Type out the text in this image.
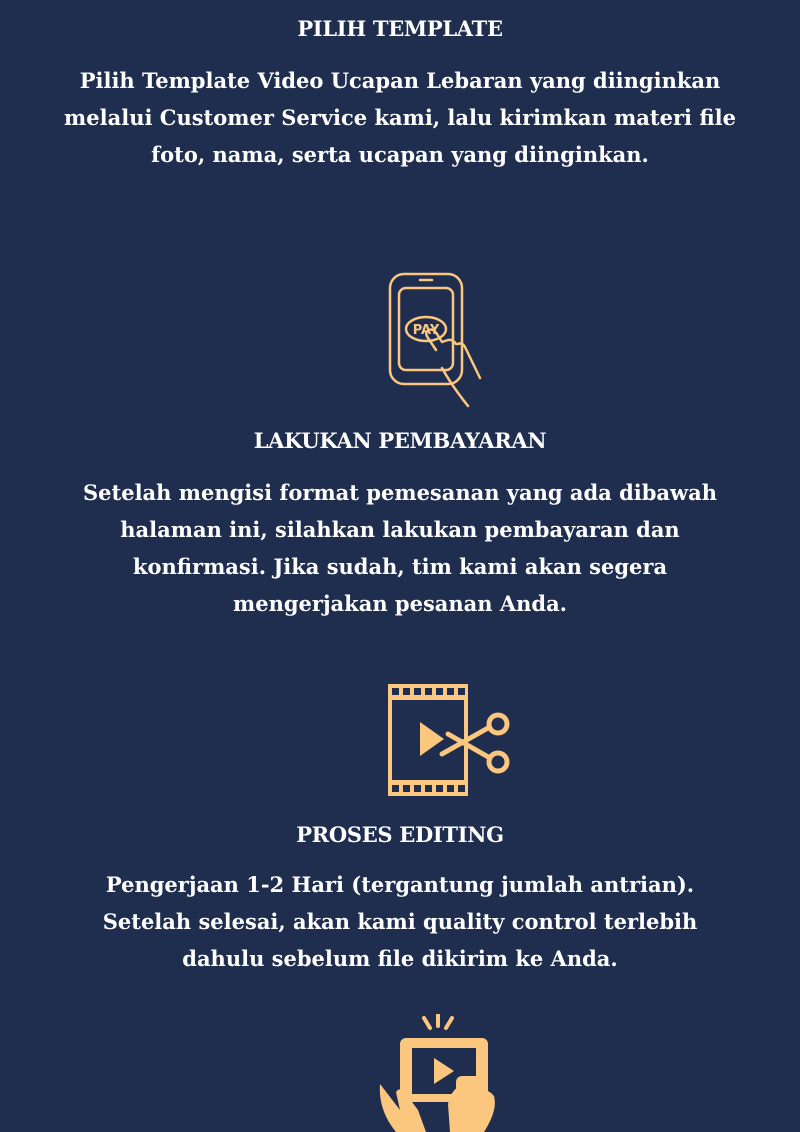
PILIH TEMPLATE

Pilih Template Video Ucapan Lebaran yang diinginkan melalui Customer Service kami, lalu kirimkan materi file foto, nama, serta ucapan yang diinginkan.

PAY
LAKUKAN PEMBAYARAN

Setelah mengisi format pemesanan yang ada dibawah halaman ini, silahkan lakukan pembayaran dan konfirmasi. Jika sudah, tim kami akan segera mengerjakan pesanan Anda.

PROSES EDITING

Pengerjaan 1-2 Hari (tergantung jumlah antrian). Setelah selesai, akan kami quality control terlebih dahulu sebelum file dikirim ke Anda.
